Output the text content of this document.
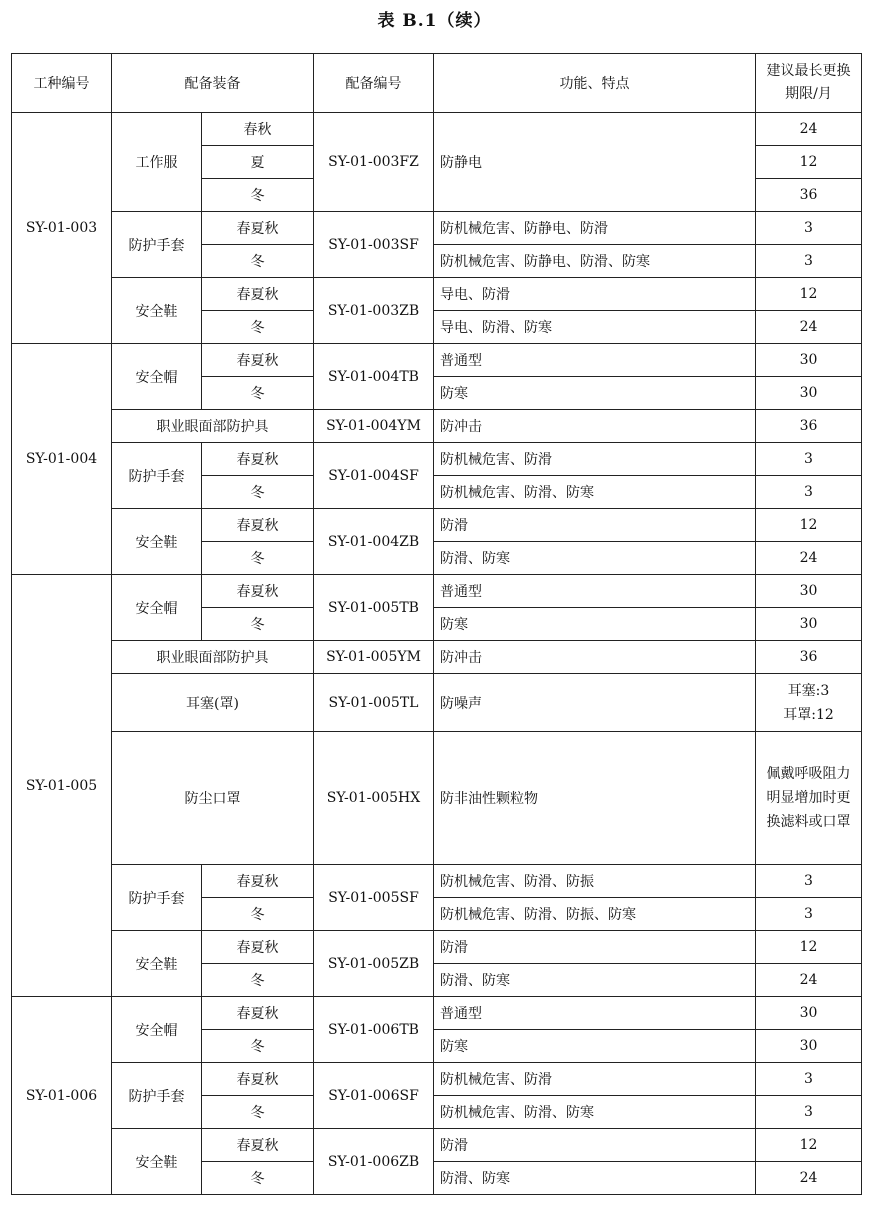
表 B.1（续）
工种编号	配备装备		配备编号	功能、特点	建议最长更换期限/月
SY-01-003	工作服	春秋	SY-01-003FZ	防静电	24
		夏			12
		冬			36
	防护手套	春夏秋	SY-01-003SF	防机械危害、防静电、防滑	3
		冬		防机械危害、防静电、防滑、防寒	3
	安全鞋	春夏秋	SY-01-003ZB	导电、防滑	12
		冬		导电、防滑、防寒	24
SY-01-004	安全帽	春夏秋	SY-01-004TB	普通型	30
		冬		防寒	30
	职业眼面部防护具		SY-01-004YM	防冲击	36
	防护手套	春夏秋	SY-01-004SF	防机械危害、防滑	3
		冬		防机械危害、防滑、防寒	3
	安全鞋	春夏秋	SY-01-004ZB	防滑	12
		冬		防滑、防寒	24
SY-01-005	安全帽	春夏秋	SY-01-005TB	普通型	30
		冬		防寒	30
	职业眼面部防护具		SY-01-005YM	防冲击	36
	耳塞(罩)		SY-01-005TL	防噪声	耳塞:3
耳罩:12

	防尘口罩		SY-01-005HX	防非油性颗粒物	佩戴呼吸阻力
明显增加时更
换滤料或口罩

	防护手套	春夏秋	SY-01-005SF	防机械危害、防滑、防振	3
		冬		防机械危害、防滑、防振、防寒	3
	安全鞋	春夏秋	SY-01-005ZB	防滑	12
		冬		防滑、防寒	24
SY-01-006	安全帽	春夏秋	SY-01-006TB	普通型	30
		冬		防寒	30
	防护手套	春夏秋	SY-01-006SF	防机械危害、防滑	3
		冬		防机械危害、防滑、防寒	3
	安全鞋	春夏秋	SY-01-006ZB	防滑	12
		冬		防滑、防寒	24
